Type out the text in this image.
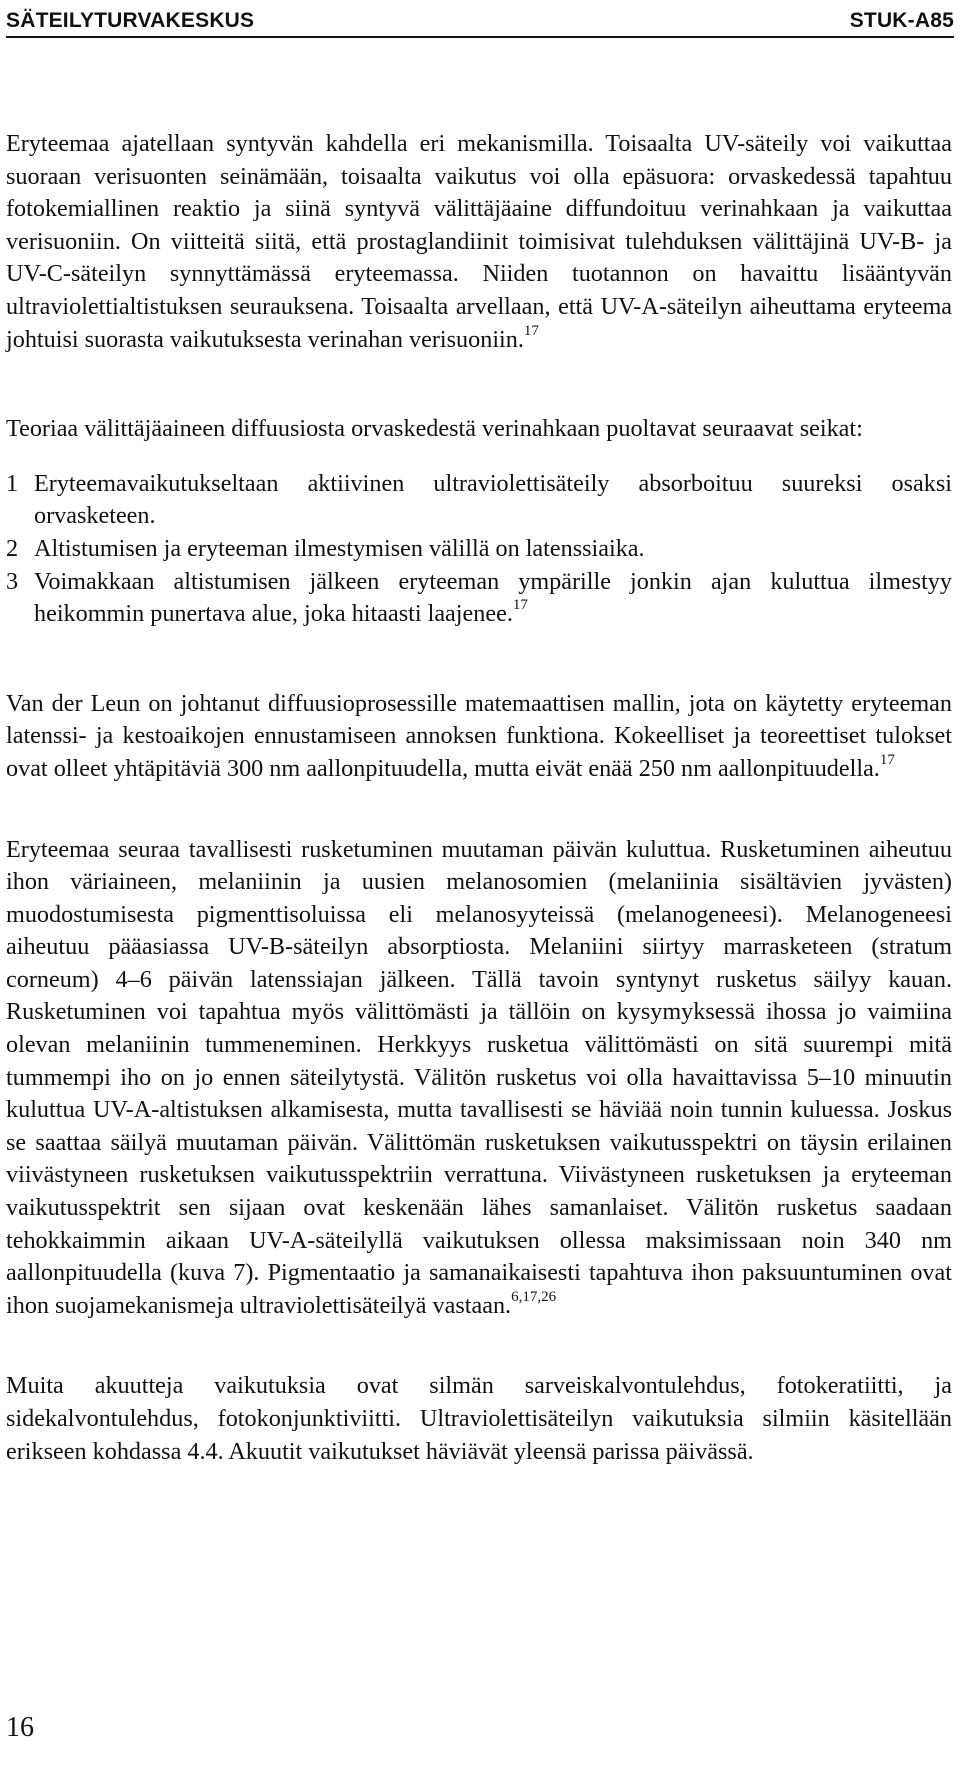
SÄTEILYTURVAKESKUS	STUK-A85

Eryteemaa ajatellaan syntyvän kahdella eri mekanismilla. Toisaalta UV-säteily voi vaikuttaa suoraan verisuonten seinämään, toisaalta vaikutus voi olla epäsuora: orvaskedessä tapahtuu fotokemiallinen reaktio ja siinä syntyvä välittäjäaine diffundoituu verinahkaan ja vaikuttaa verisuoniin. On viitteitä siitä, että prostaglandiinit toimisivat tulehduksen välittäjinä UV-B- ja UV-C-säteilyn synnyttämässä eryteemassa. Niiden tuotannon on havaittu lisääntyvän ultraviolettialtistuksen seurauksena. Toisaalta arvellaan, että UV-A-säteilyn aiheuttama eryteema johtuisi suorasta vaikutuksesta verinahan verisuoniin.$^{17}$

Teoriaa välittäjäaineen diffuusiosta orvaskedestä verinahkaan puoltavat seuraavat seikat:

1 Eryteemavaikutukseltaan aktiivinen ultraviolettisäteily absorboituu suureksi osaksi orvasketeen.
2 Altistumisen ja eryteeman ilmestymisen välillä on latenssiaika.
3 Voimakkaan altistumisen jälkeen eryteeman ympärille jonkin ajan kuluttua ilmestyy heikommin punertava alue, joka hitaasti laajenee.$^{17}$

Van der Leun on johtanut diffuusioprosessille matemaattisen mallin, jota on käytetty eryteeman latenssi- ja kestoaikojen ennustamiseen annoksen funktiona. Kokeelliset ja teoreettiset tulokset ovat olleet yhtäpitäviä 300 nm aallonpituudella, mutta eivät enää 250 nm aallonpituudella.$^{17}$

Eryteemaa seuraa tavallisesti rusketuminen muutaman päivän kuluttua. Rusketuminen aiheutuu ihon väriaineen, melaniinin ja uusien melanosomien (melaniinia sisältävien jyvästen) muodostumisesta pigmenttisoluissa eli melanosyyteissä (melanogeneesi). Melanogeneesi aiheutuu pääasiassa UV-B-säteilyn absorptiosta. Melaniini siirtyy marrasketeen (stratum corneum) 4–6 päivän latenssiajan jälkeen. Tällä tavoin syntynyt rusketus säilyy kauan. Rusketuminen voi tapahtua myös välittömästi ja tällöin on kysymyksessä ihossa jo vaimiina olevan melaniinin tummeneminen. Herkkyys rusketua välittömästi on sitä suurempi mitä tummempi iho on jo ennen säteilytystä. Välitön rusketus voi olla havaittavissa 5–10 minuutin kuluttua UV-A-altistuksen alkamisesta, mutta tavallisesti se häviää noin tunnin kuluessa. Joskus se saattaa säilyä muutaman päivän. Välittömän rusketuksen vaikutusspektri on täysin erilainen viivästyneen rusketuksen vaikutusspektriin verrattuna. Viivästyneen rusketuksen ja eryteeman vaikutusspektrit sen sijaan ovat keskenään lähes samanlaiset. Välitön rusketus saadaan tehokkaimmin aikaan UV-A-säteilyllä vaikutuksen ollessa maksimissaan noin 340 nm aallonpituudella (kuva 7). Pigmentaatio ja samanaikaisesti tapahtuva ihon paksuuntuminen ovat ihon suojamekanismeja ultraviolettisäteilyä vastaan.$^{6,17,26}$

Muita akuutteja vaikutuksia ovat silmän sarveiskalvontulehdus, fotokeratiitti, ja sidekalvontulehdus, fotokonjunktiviitti. Ultraviolettisäteilyn vaikutuksia silmiin käsitellään erikseen kohdassa 4.4. Akuutit vaikutukset häviävät yleensä parissa päivässä.

16
